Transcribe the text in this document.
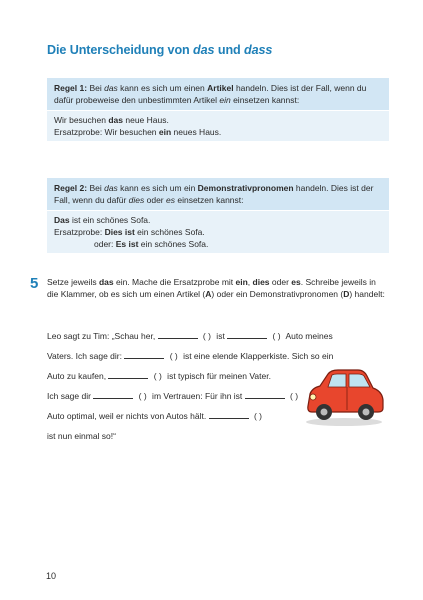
Die Unterscheidung von das und dass
Regel 1: Bei das kann es sich um einen Artikel handeln. Dies ist der Fall, wenn du dafür probeweise den unbestimmten Artikel ein einsetzen kannst:
Wir besuchen das neue Haus.
Ersatzprobe: Wir besuchen ein neues Haus.
Regel 2: Bei das kann es sich um ein Demonstrativpronomen handeln. Dies ist der Fall, wenn du dafür dies oder es einsetzen kannst:
Das ist ein schönes Sofa.
Ersatzprobe: Dies ist ein schönes Sofa.
oder: Es ist ein schönes Sofa.
5 Setze jeweils das ein. Mache die Ersatzprobe mit ein, dies oder es. Schreibe jeweils in die Klammer, ob es sich um einen Artikel (A) oder ein Demonstrativpronomen (D) handelt:
Leo sagt zu Tim: „Schau her,	( ) ist	( ) Auto meines
Vaters. Ich sage dir:	( ) ist eine elende Klapperkiste. Sich so ein
Auto zu kaufen,	( ) ist typisch für meinen Vater.
Ich sage dir	( ) im Vertrauen: Für ihn ist	( )
Auto optimal, weil er nichts von Autos hält.	( )
ist nun einmal so!“
10
